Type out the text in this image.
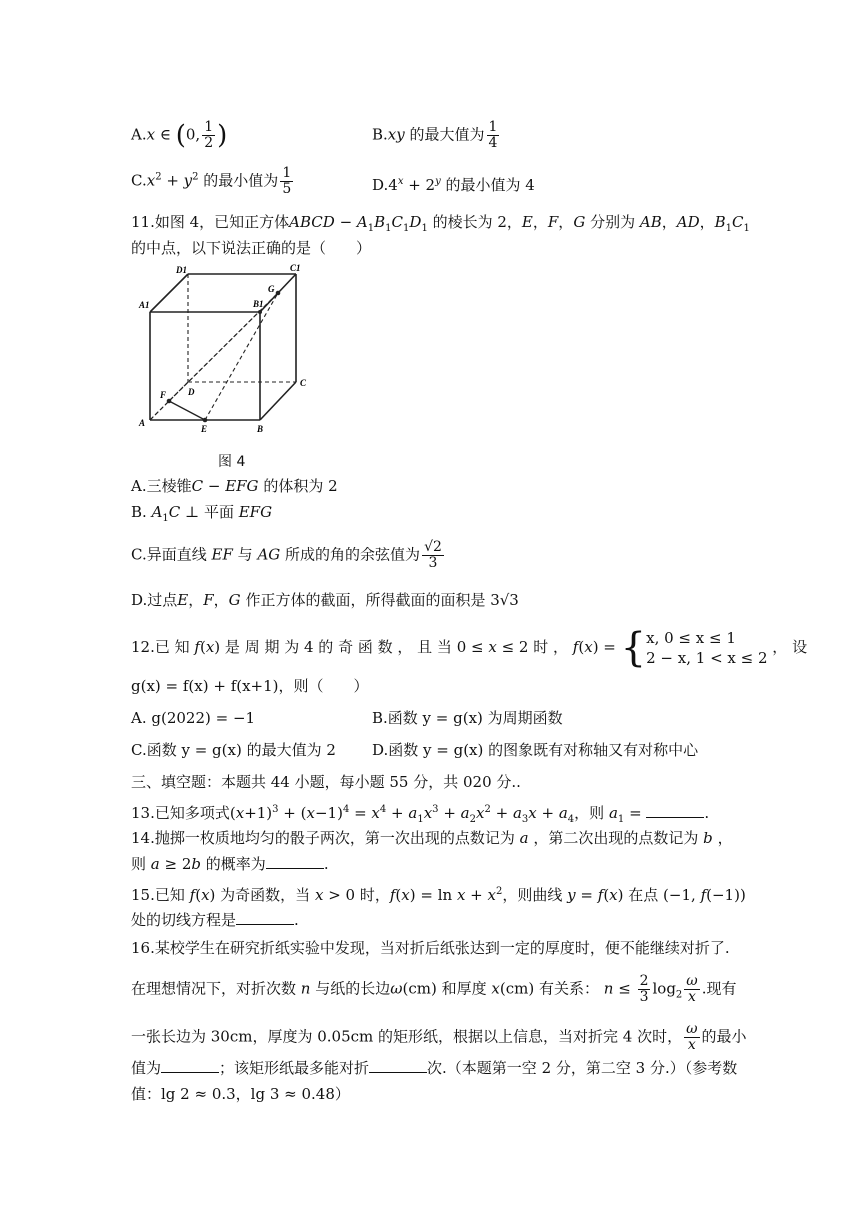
A.x ∈ (0, $\frac{1}{2}$ )	B.xy 的最大值为 $\frac{1}{4}$
$C.x^2 + y^2$ 的最小值为 $\frac{1}{5}$	$D.4^x + 2^y$ 的最小值为 4
11.如图 4，已知正方体ABCD − $A_1B_1C_1D_1$ 的棱长为 2，E，F，G 分别为 AB，AD，$B_1C_1$
的中点，以下说法正确的是（　　）
D1	C1
A1	B1
G
F D
C
A
E	B
图 4
A.三棱锥C − EFG 的体积为 2
B. $A_1C$ ⊥ 平面 EFG
C.异面直线 EF 与 AG 所成的角的余弦值为 $\frac{√2}{3}$
D.过点E，F，G 作正方体的截面，所得截面的面积是 3√3
12.已 知 f(x) 是 周 期 为 4 的 奇 函 数 ， 且 当 0 ≤ x ≤ 2 时 ， f(x) = { x, 0 ≤ x ≤ 1
2 − x, 1 < x ≤ 2
， 设
g(x) = f(x) + f(x+1)，则（　　）
A. g(2022) = −1	B.函数 y = g(x) 为周期函数
C.函数 y = g(x) 的最大值为 2 D.函数 y = g(x) 的图象既有对称轴又有对称中心
三、填空题：本题共 44 小题，每小题 55 分，共 020 分..
13.已知多项式$(x+1)^3 + (x-1)^4 = x^4 + a_1x^3 + a_2x^2 + a_3x + a_4$，则 $a_1$ =	.
14.抛掷一枚质地均匀的骰子两次，第一次出现的点数记为 a ，第二次出现的点数记为 b ，
则 a ≥ 2b 的概率为	.
15.已知 f(x) 为奇函数，当 x > 0 时，$f(x) = \ln x + x^2$，则曲线 y = f(x) 在点 (−1, f(−1))
处的切线方程是	.
16.某校学生在研究折纸实验中发现，当对折后纸张达到一定的厚度时，便不能继续对折了.
在理想情况下，对折次数 n 与纸的长边ω(cm) 和厚度 x(cm) 有关系： $n \le \frac{2}{3} \log_2 \frac{\omega}{x}$ .现有
一张长边为 30cm，厚度为 0.05cm 的矩形纸，根据以上信息，当对折完 4 次时， $\frac{\omega}{x}$ 的最小
值为	；该矩形纸最多能对折	次.（本题第一空 2 分，第二空 3 分.）（参考数
值：lg 2 ≈ 0.3，lg 3 ≈ 0.48）
